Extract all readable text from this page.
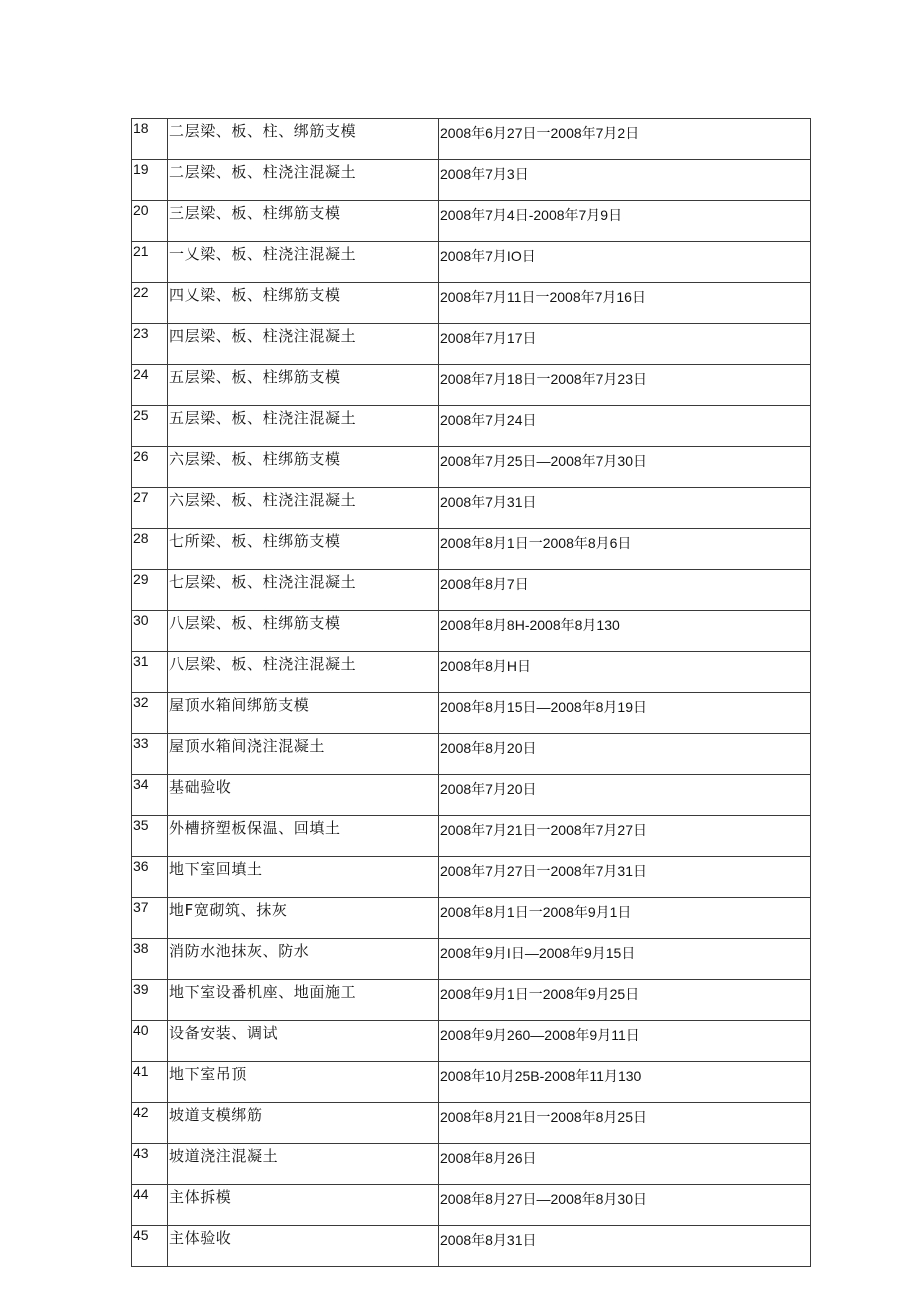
18	二层梁、板、柱、绑筋支模	2008年6月27日一2008年7月2日
19	二层梁、板、柱浇注混凝土	2008年7月3日
20	三层梁、板、柱绑筋支模	2008年7月4日-2008年7月9日
21	一乂梁、板、柱浇注混凝土	2008年7月IO日
22	四乂梁、板、柱绑筋支模	2008年7月11日一2008年7月16日
23	四层梁、板、柱浇注混凝土	2008年7月17日
24	五层梁、板、柱绑筋支模	2008年7月18日一2008年7月23日
25	五层梁、板、柱浇注混凝土	2008年7月24日
26	六层梁、板、柱绑筋支模	2008年7月25日—2008年7月30日
27	六层梁、板、柱浇注混凝土	2008年7月31日
28	七所梁、板、柱绑筋支模	2008年8月1日一2008年8月6日
29	七层梁、板、柱浇注混凝土	2008年8月7日
30	八层梁、板、柱绑筋支模	2008年8月8H-2008年8月130
31	八层梁、板、柱浇注混凝土	2008年8月H日
32	屋顶水箱间绑筋支模	2008年8月15日—2008年8月19日
33	屋顶水箱间浇注混凝土	2008年8月20日
34	基础验收	2008年7月20日
35	外槽挤塑板保温、回填土	2008年7月21日一2008年7月27日
36	地下室回填土	2008年7月27日一2008年7月31日
37	地F宽砌筑、抹灰	2008年8月1日一2008年9月1日
38	消防水池抹灰、防水	2008年9月I日—2008年9月15日
39	地下室设番机座、地面施工	2008年9月1日一2008年9月25日
40	设备安装、调试	2008年9月260—2008年9月11日
41	地下室吊顶	2008年10月25B-2008年11月130
42	坡道支模绑筋	2008年8月21日一2008年8月25日
43	坡道浇注混凝土	2008年8月26日
44	主体拆模	2008年8月27日—2008年8月30日
45	主体验收	2008年8月31日
